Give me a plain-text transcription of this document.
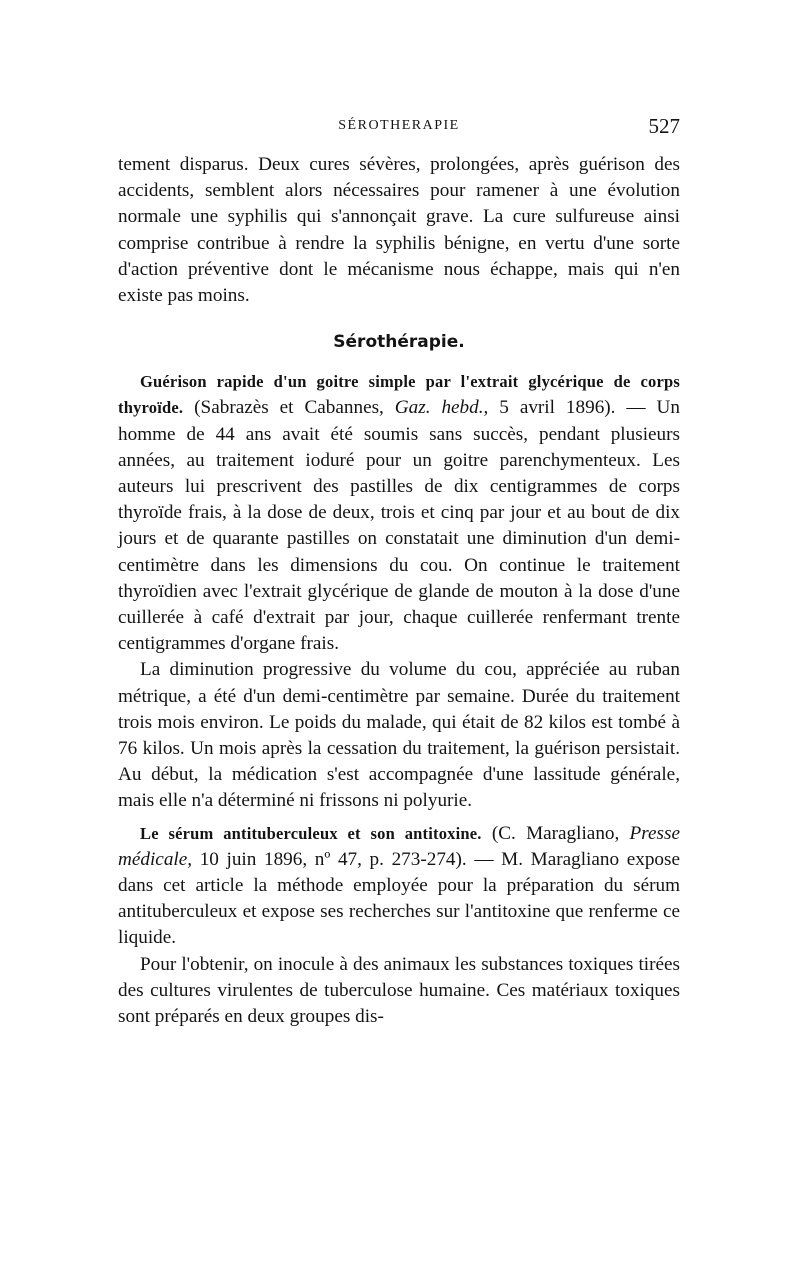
SÉROTHERAPIE	527

tement disparus. Deux cures sévères, prolongées, après guérison des accidents, semblent alors nécessaires pour ramener à une évolution normale une syphilis qui s'annonçait grave. La cure sulfureuse ainsi comprise contribue à rendre la syphilis bénigne, en vertu d'une sorte d'action préventive dont le mécanisme nous échappe, mais qui n'en existe pas moins.

Sérothérapie.

Guérison rapide d'un goitre simple par l'extrait glycérique de corps thyroïde. (Sabrazès et Cabannes, Gaz. hebd., 5 avril 1896). — Un homme de 44 ans avait été soumis sans succès, pendant plusieurs années, au traitement ioduré pour un goitre parenchymenteux. Les auteurs lui prescrivent des pastilles de dix centigrammes de corps thyroïde frais, à la dose de deux, trois et cinq par jour et au bout de dix jours et de quarante pastilles on constatait une diminution d'un demi-centimètre dans les dimensions du cou. On continue le traitement thyroïdien avec l'extrait glycérique de glande de mouton à la dose d'une cuillerée à café d'extrait par jour, chaque cuillerée renfermant trente centigrammes d'organe frais.

La diminution progressive du volume du cou, appréciée au ruban métrique, a été d'un demi-centimètre par semaine. Durée du traitement trois mois environ. Le poids du malade, qui était de 82 kilos est tombé à 76 kilos. Un mois après la cessation du traitement, la guérison persistait. Au début, la médication s'est accompagnée d'une lassitude générale, mais elle n'a déterminé ni frissons ni polyurie.

Le sérum antituberculeux et son antitoxine. (C. Maragliano, Presse médicale, 10 juin 1896, nº 47, p. 273-274). — M. Maragliano expose dans cet article la méthode employée pour la préparation du sérum antituberculeux et expose ses recherches sur l'antitoxine que renferme ce liquide.

Pour l'obtenir, on inocule à des animaux les substances toxiques tirées des cultures virulentes de tuberculose humaine. Ces matériaux toxiques sont préparés en deux groupes dis-
